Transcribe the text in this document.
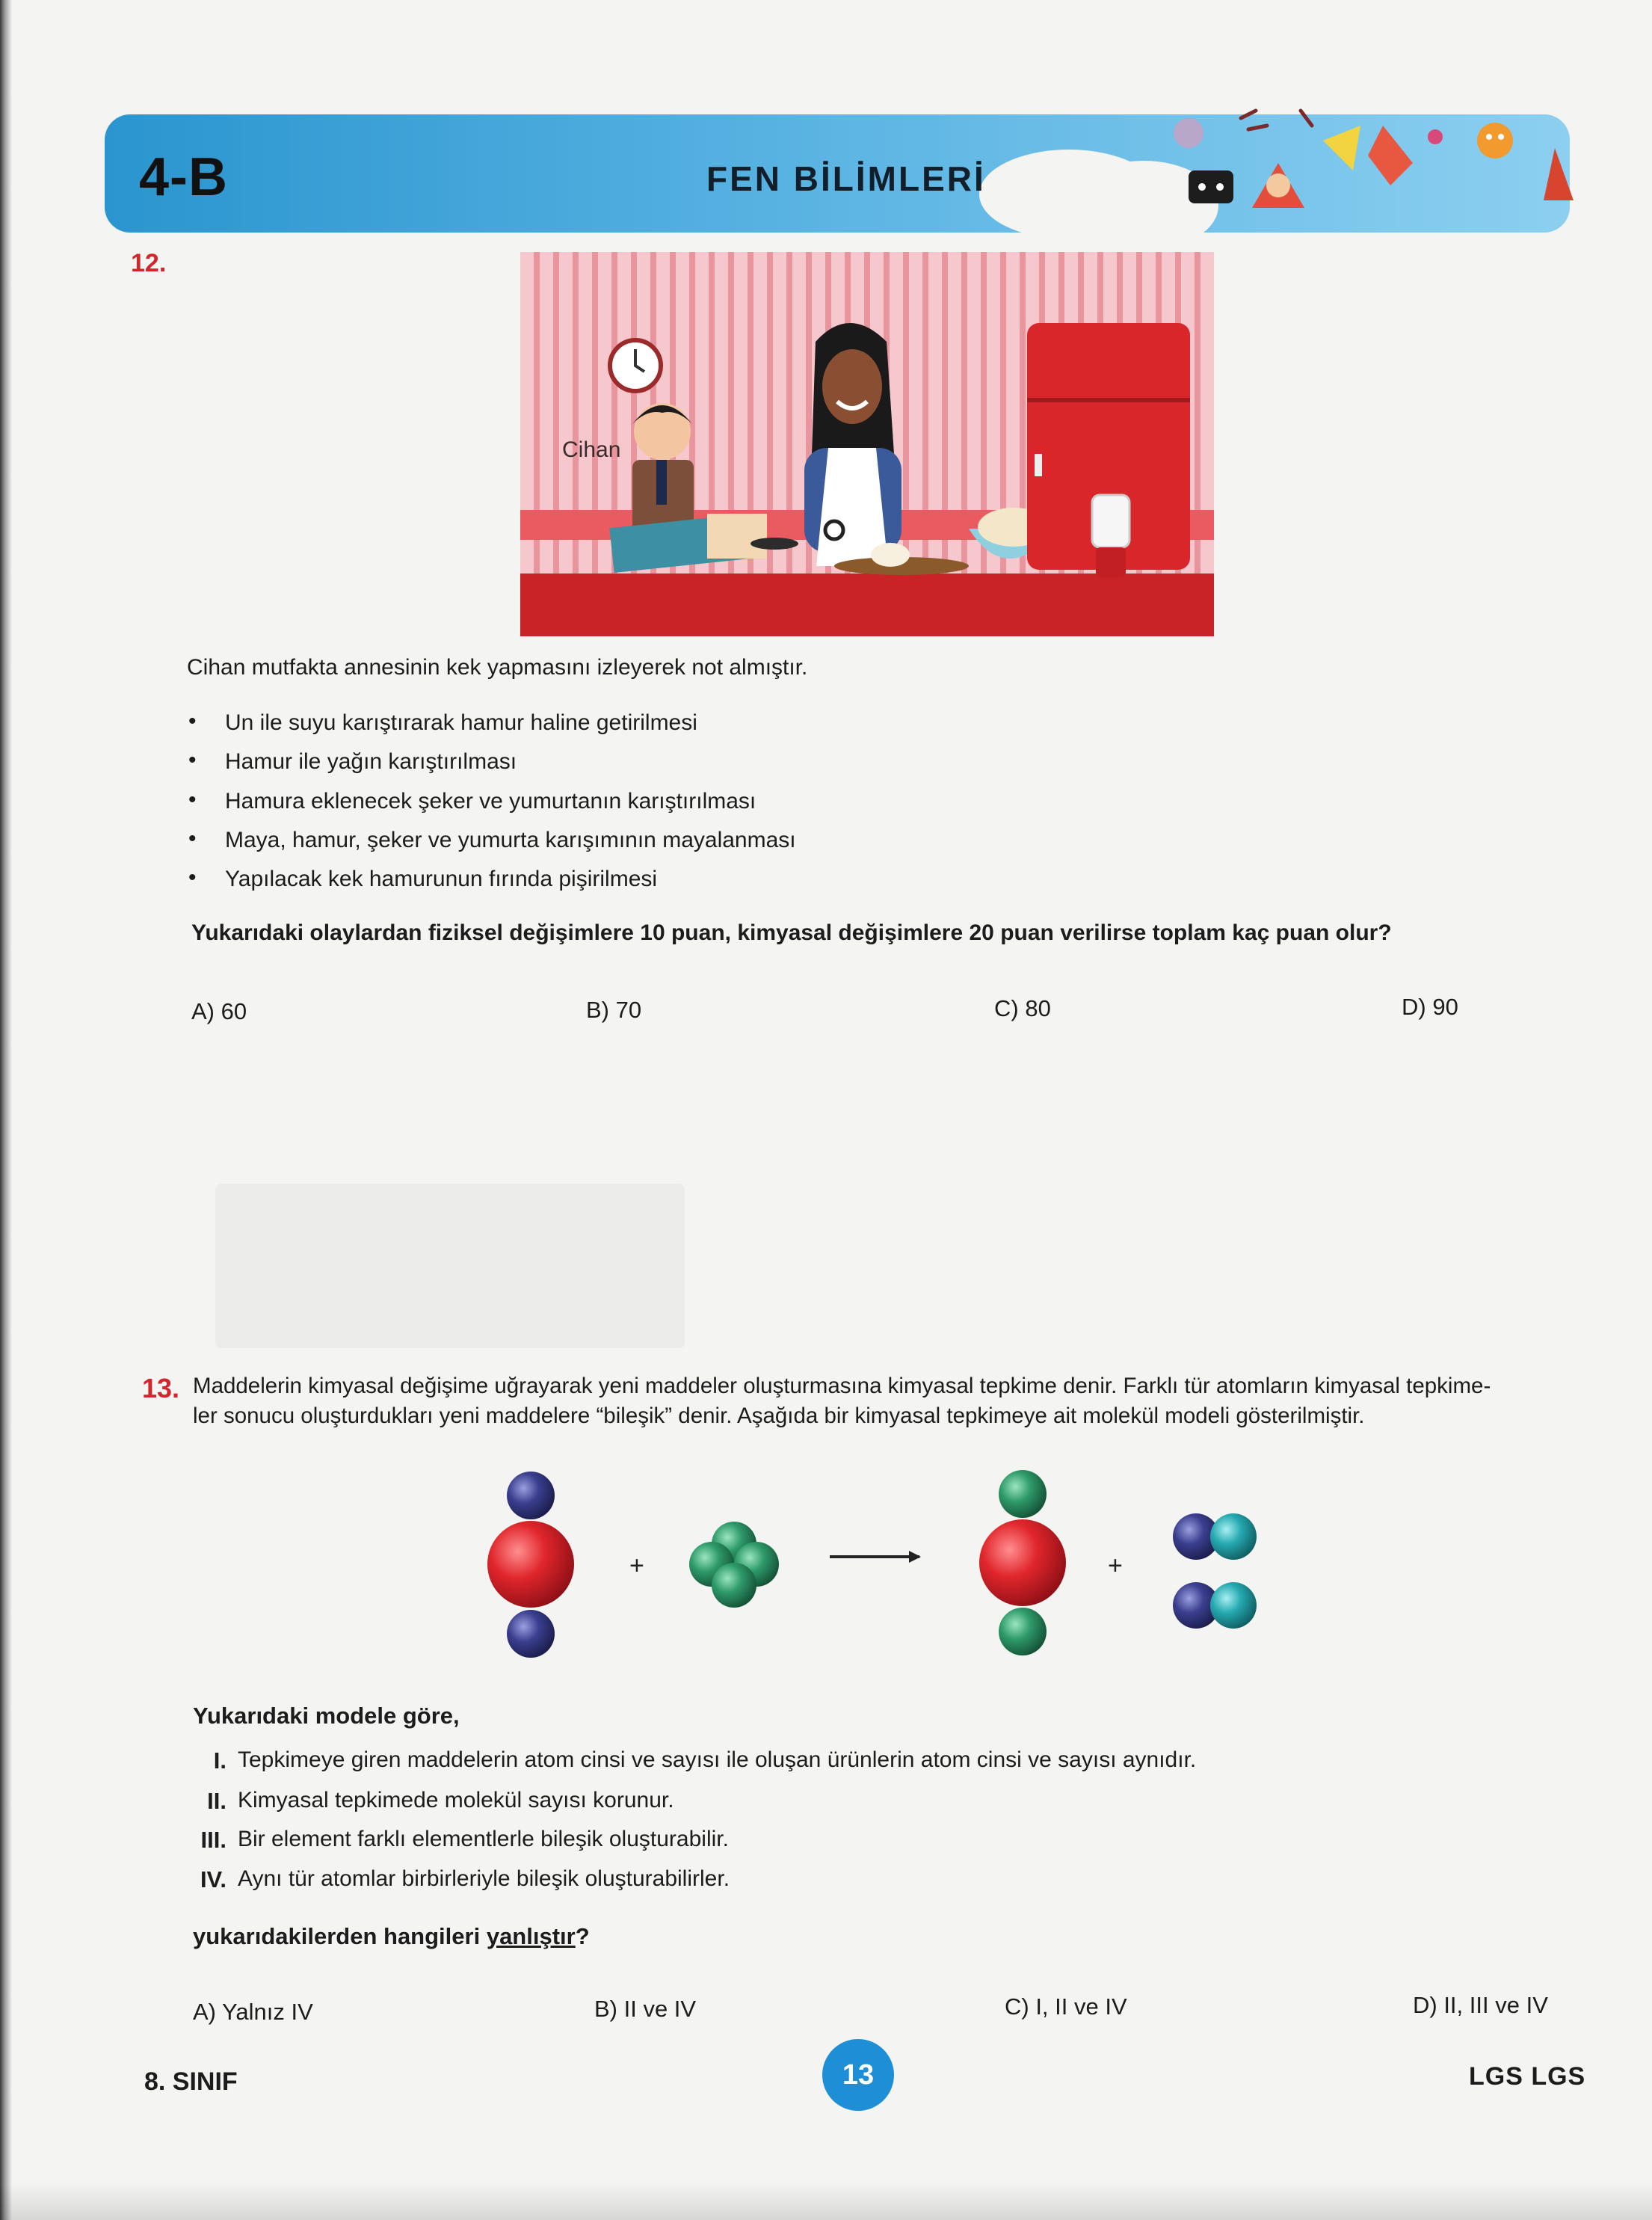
4-B	FEN BİLİMLERİ
12.
Cihan
Cihan mutfakta annesinin kek yapmasını izleyerek not almıştır.
• Un ile suyu karıştırarak hamur haline getirilmesi
• Hamur ile yağın karıştırılması
• Hamura eklenecek şeker ve yumurtanın karıştırılması
• Maya, hamur, şeker ve yumurta karışımının mayalanması
• Yapılacak kek hamurunun fırında pişirilmesi
Yukarıdaki olaylardan fiziksel değişimlere 10 puan, kimyasal değişimlere 20 puan verilirse toplam kaç puan olur?
A) 60	B) 70	C) 80	D) 90
13. Maddelerin kimyasal değişime uğrayarak yeni maddeler oluşturmasına kimyasal tepkime denir. Farklı tür atomların kimyasal tepkime-
ler sonucu oluşturdukları yeni maddelere “bileşik” denir. Aşağıda bir kimyasal tepkimeye ait molekül modeli gösterilmiştir.
+	+
Yukarıdaki modele göre,
I. Tepkimeye giren maddelerin atom cinsi ve sayısı ile oluşan ürünlerin atom cinsi ve sayısı aynıdır.
II. Kimyasal tepkimede molekül sayısı korunur.
III. Bir element farklı elementlerle bileşik oluşturabilir.
IV. Aynı tür atomlar birbirleriyle bileşik oluşturabilirler.
yukarıdakilerden hangileri yanlıştır?
A) Yalnız IV	B) II ve IV	C) I, II ve IV	D) II, III ve IV
8. SINIF	13	LGS LGS
